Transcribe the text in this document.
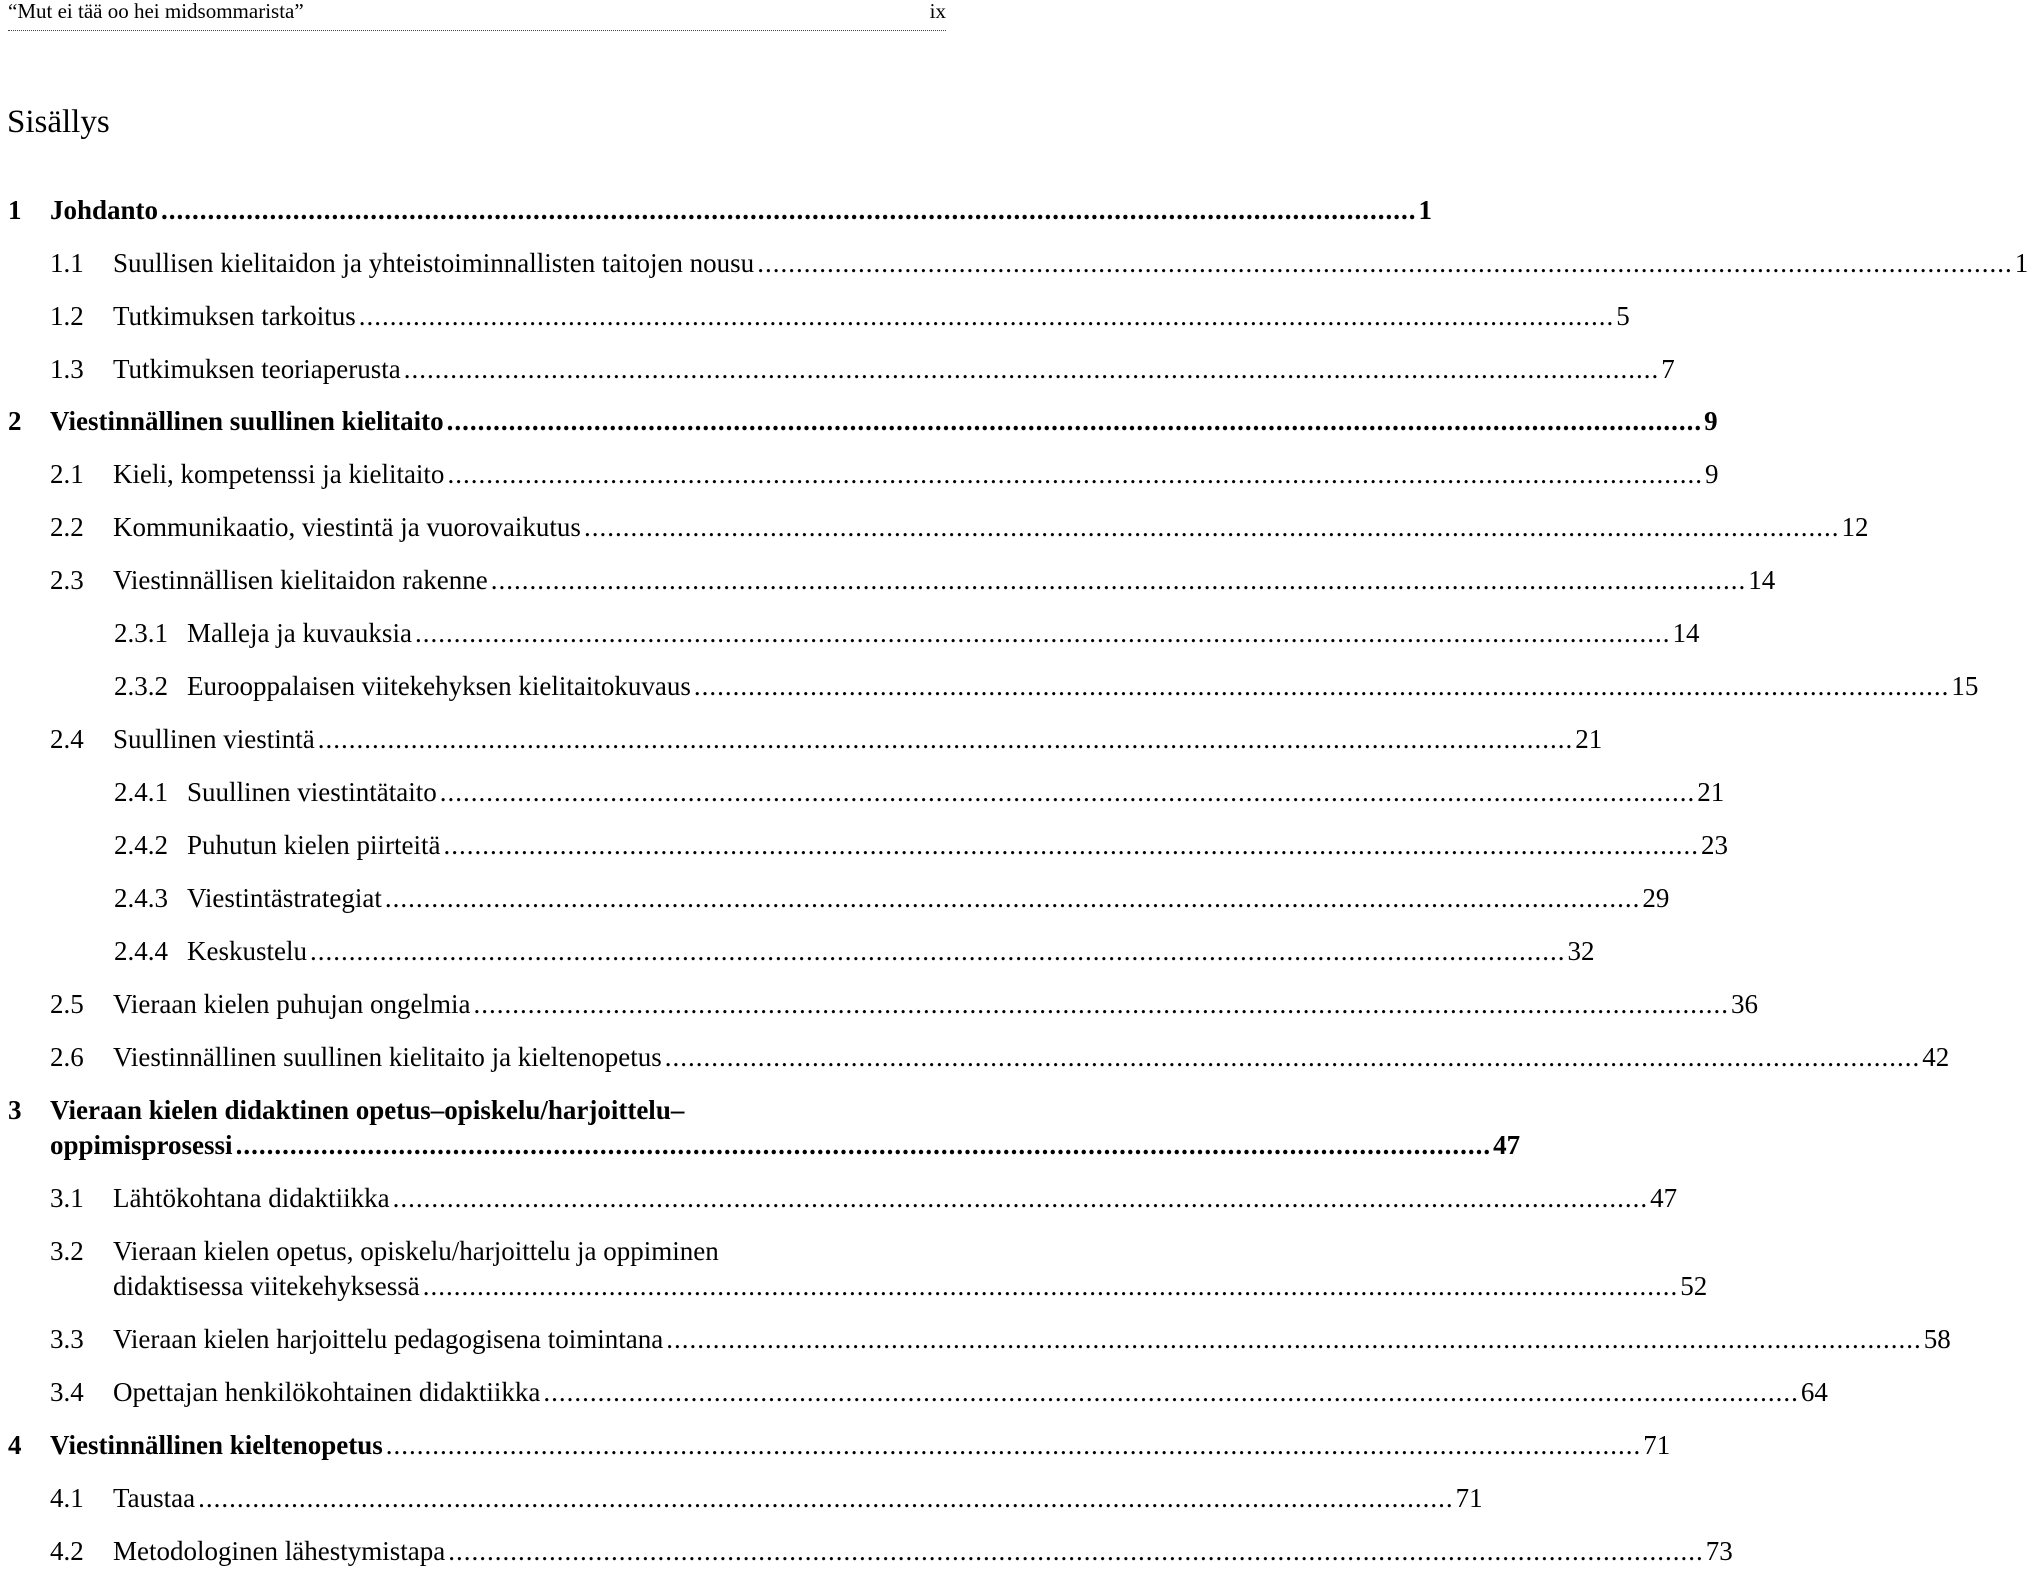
“Mut ei tää oo hei midsommarista”	ix
Sisällys
1 Johdanto .................................................................................................................................................................. 1
1.1 Suullisen kielitaidon ja yhteistoiminnallisten taitojen nousu .................................................................................................................................................................. 1
1.2 Tutkimuksen tarkoitus .................................................................................................................................................................. 5
1.3 Tutkimuksen teoriaperusta .................................................................................................................................................................. 7
2 Viestinnällinen suullinen kielitaito .................................................................................................................................................................. 9
2.1 Kieli, kompetenssi ja kielitaito .................................................................................................................................................................. 9
2.2 Kommunikaatio, viestintä ja vuorovaikutus .................................................................................................................................................................. 12
2.3 Viestinnällisen kielitaidon rakenne .................................................................................................................................................................. 14
2.3.1 Malleja ja kuvauksia .................................................................................................................................................................. 14
2.3.2 Eurooppalaisen viitekehyksen kielitaitokuvaus .................................................................................................................................................................. 15
2.4 Suullinen viestintä .................................................................................................................................................................. 21
2.4.1 Suullinen viestintätaito .................................................................................................................................................................. 21
2.4.2 Puhutun kielen piirteitä .................................................................................................................................................................. 23
2.4.3 Viestintästrategiat .................................................................................................................................................................. 29
2.4.4 Keskustelu .................................................................................................................................................................. 32
2.5 Vieraan kielen puhujan ongelmia .................................................................................................................................................................. 36
2.6 Viestinnällinen suullinen kielitaito ja kieltenopetus .................................................................................................................................................................. 42
Vieraan kielen didaktinen opetus–opiskelu/harjoittelu–
3
oppimisprosessi .................................................................................................................................................................. 47
3.1 Lähtökohtana didaktiikka .................................................................................................................................................................. 47
Vieraan kielen opetus, opiskelu/harjoittelu ja oppiminen
3.2
didaktisessa viitekehyksessä .................................................................................................................................................................. 52
3.3 Vieraan kielen harjoittelu pedagogisena toimintana .................................................................................................................................................................. 58
3.4 Opettajan henkilökohtainen didaktiikka .................................................................................................................................................................. 64
4 Viestinnällinen kieltenopetus .................................................................................................................................................................. 71
4.1 Taustaa .................................................................................................................................................................. 71
4.2 Metodologinen lähestymistapa .................................................................................................................................................................. 73
